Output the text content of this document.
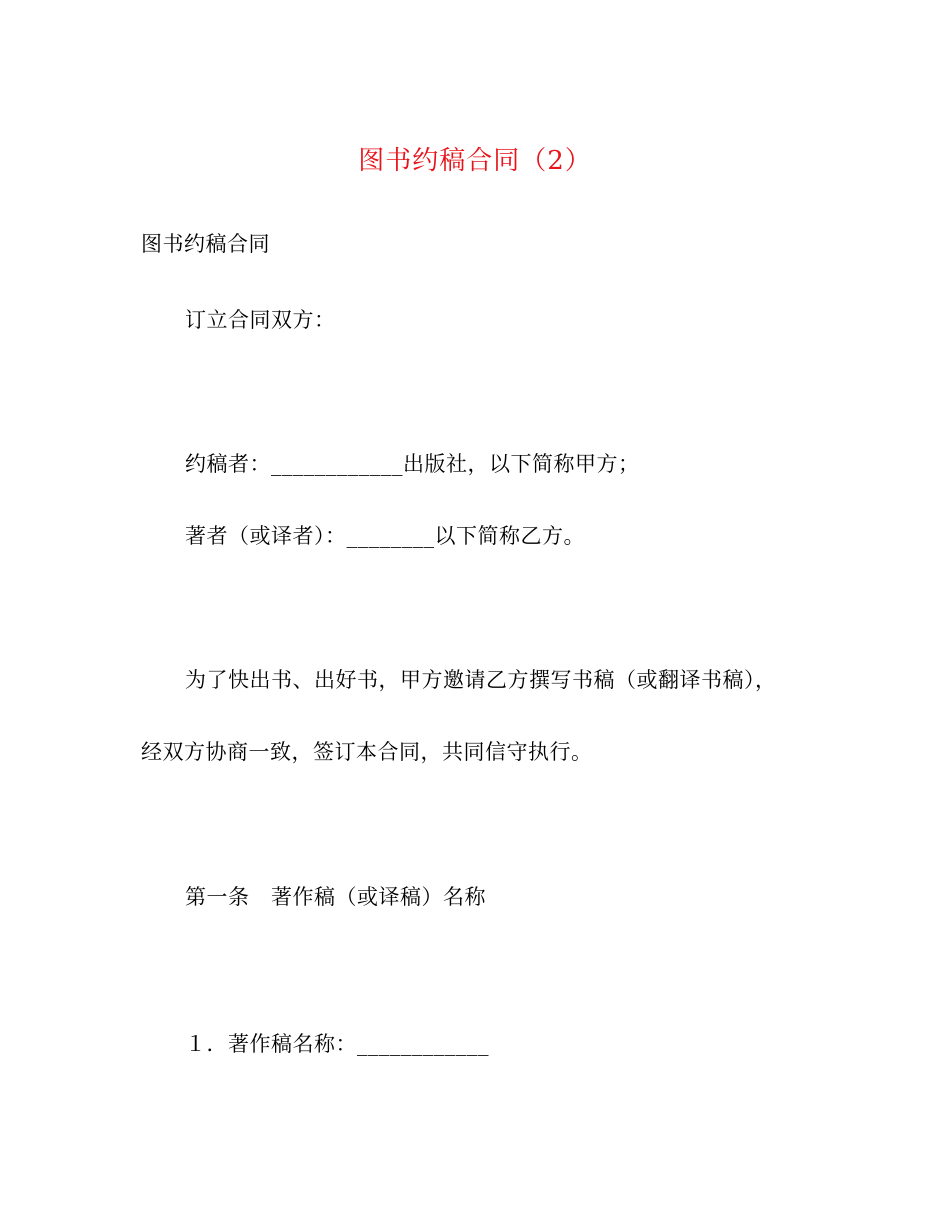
图书约稿合同（2）
图书约稿合同
订立合同双方：
约稿者：____________出版社，以下简称甲方；
著者（或译者）：________以下简称乙方。
为了快出书、出好书，甲方邀请乙方撰写书稿（或翻译书稿），
经双方协商一致，签订本合同，共同信守执行。
第一条　著作稿（或译稿）名称
１．著作稿名称：____________
